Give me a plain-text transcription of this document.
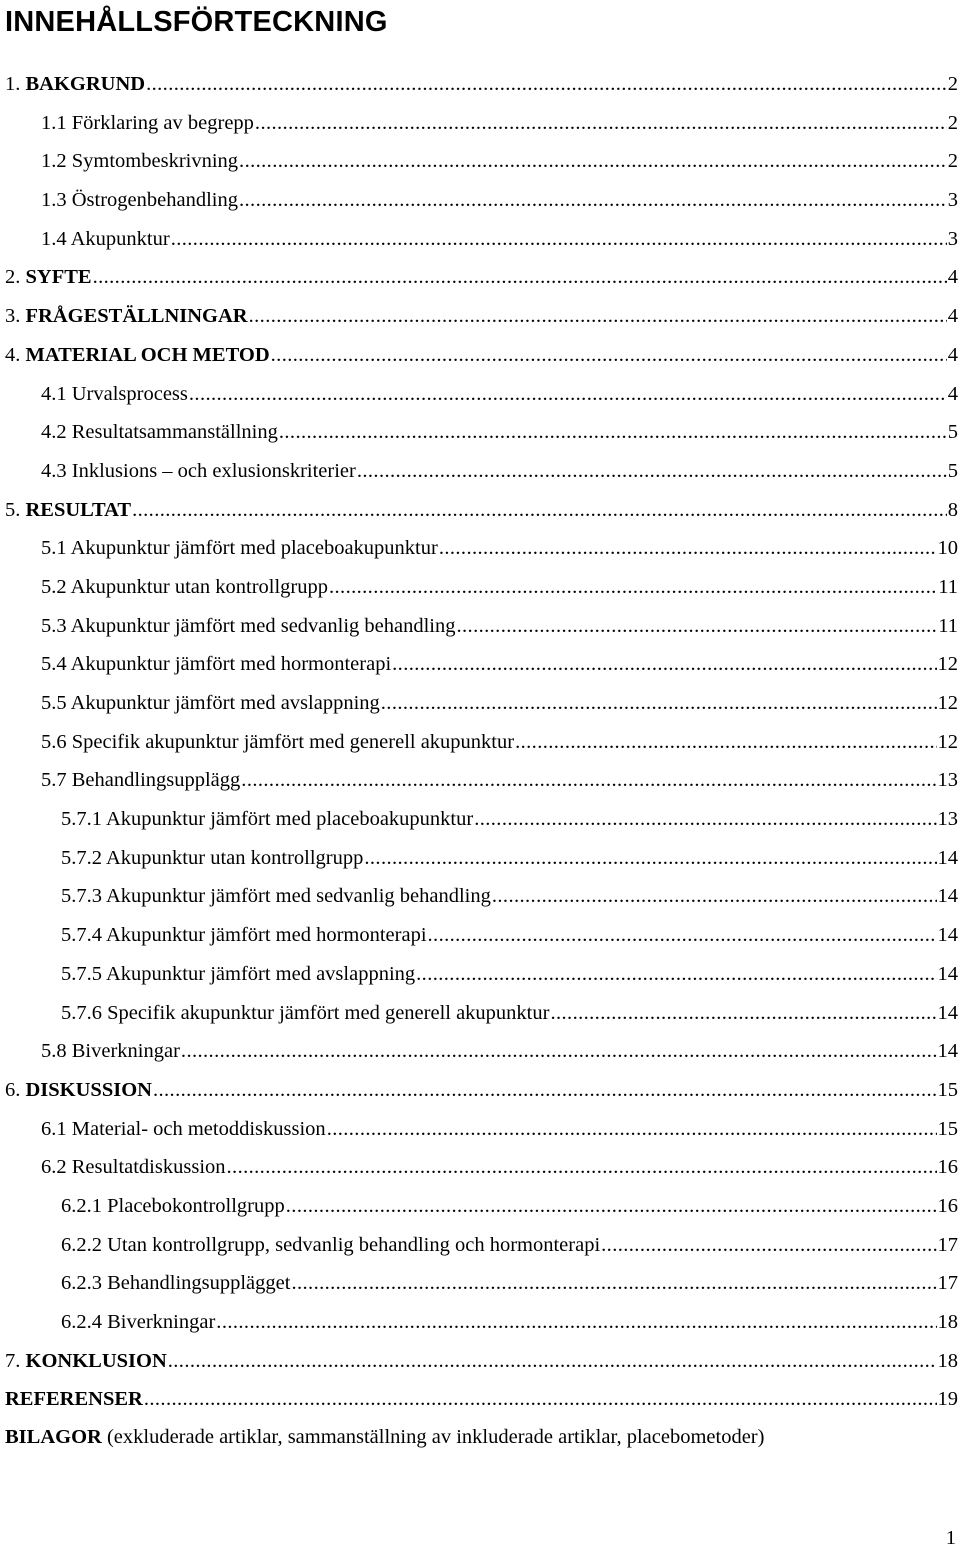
INNEHÅLLSFÖRTECKNING
1. BAKGRUND .....	2
1.1 Förklaring av begrepp .....	2
1.2 Symtombeskrivning .....	2
1.3 Östrogenbehandling .....	3
1.4 Akupunktur .....	3
2. SYFTE .....	4
3. FRÅGESTÄLLNINGAR .....	4
4. MATERIAL OCH METOD .....	4
4.1 Urvalsprocess .....	4
4.2 Resultatsammanställning .....	5
4.3 Inklusions – och exlusionskriterier .....	5
5. RESULTAT .....	8
5.1 Akupunktur jämfört med placeboakupunktur .....	10
5.2 Akupunktur utan kontrollgrupp .....	11
5.3 Akupunktur jämfört med sedvanlig behandling .....	11
5.4 Akupunktur jämfört med hormonterapi .....	12
5.5 Akupunktur jämfört med avslappning .....	12
5.6 Specifik akupunktur jämfört med generell akupunktur .....	12
5.7 Behandlingsupplägg .....	13
5.7.1 Akupunktur jämfört med placeboakupunktur .....	13
5.7.2 Akupunktur utan kontrollgrupp .....	14
5.7.3 Akupunktur jämfört med sedvanlig behandling .....	14
5.7.4 Akupunktur jämfört med hormonterapi .....	14
5.7.5 Akupunktur jämfört med avslappning .....	14
5.7.6 Specifik akupunktur jämfört med generell akupunktur .....	14
5.8 Biverkningar .....	14
6. DISKUSSION .....	15
6.1 Material- och metoddiskussion .....	15
6.2 Resultatdiskussion .....	16
6.2.1 Placebokontrollgrupp .....	16
6.2.2 Utan kontrollgrupp, sedvanlig behandling och hormonterapi .....	17
6.2.3 Behandlingsupplägget .....	17
6.2.4 Biverkningar .....	18
7. KONKLUSION .....	18
REFERENSER .....	19
BILAGOR (exkluderade artiklar, sammanställning av inkluderade artiklar, placebometoder)
1
